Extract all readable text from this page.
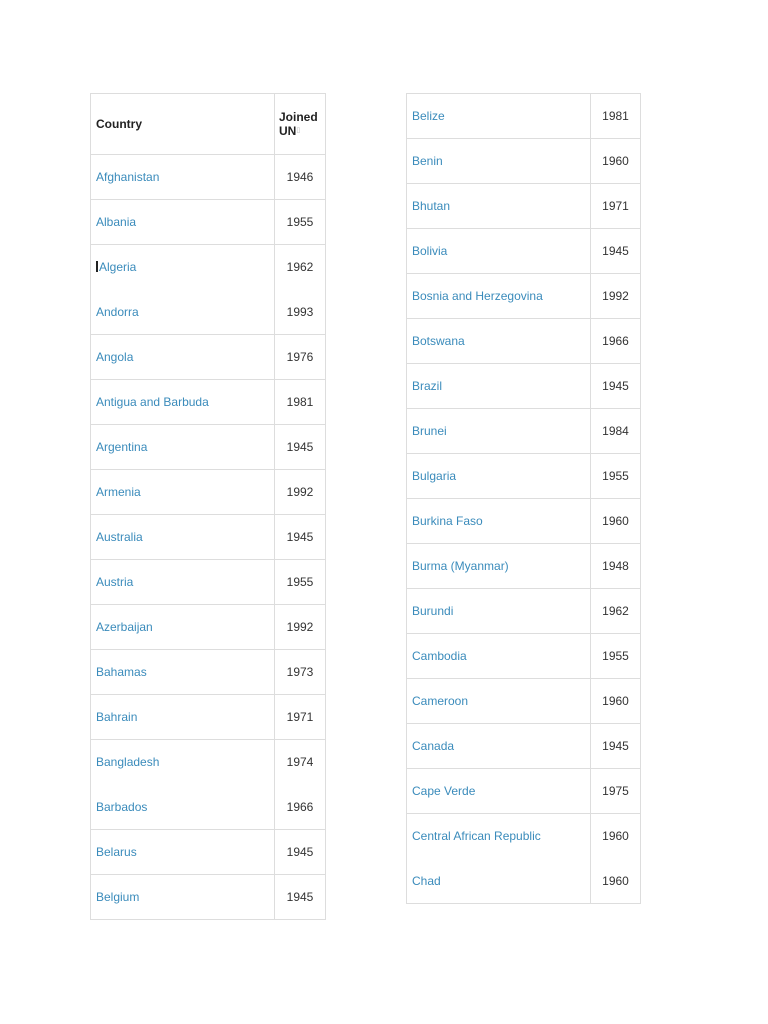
Country	Joined
UN▯
Afghanistan	1946
Albania	1955
Algeria	1962
Andorra	1993
Angola	1976
Antigua and Barbuda	1981
Argentina	1945
Armenia	1992
Australia	1945
Austria	1955
Azerbaijan	1992
Bahamas	1973
Bahrain	1971
Bangladesh	1974
Barbados	1966
Belarus	1945
Belgium	1945
Belize	1981
Benin	1960
Bhutan	1971
Bolivia	1945
Bosnia and Herzegovina	1992
Botswana	1966
Brazil	1945
Brunei	1984
Bulgaria	1955
Burkina Faso	1960
Burma (Myanmar)	1948
Burundi	1962
Cambodia	1955
Cameroon	1960
Canada	1945
Cape Verde	1975
Central African Republic	1960
Chad	1960
